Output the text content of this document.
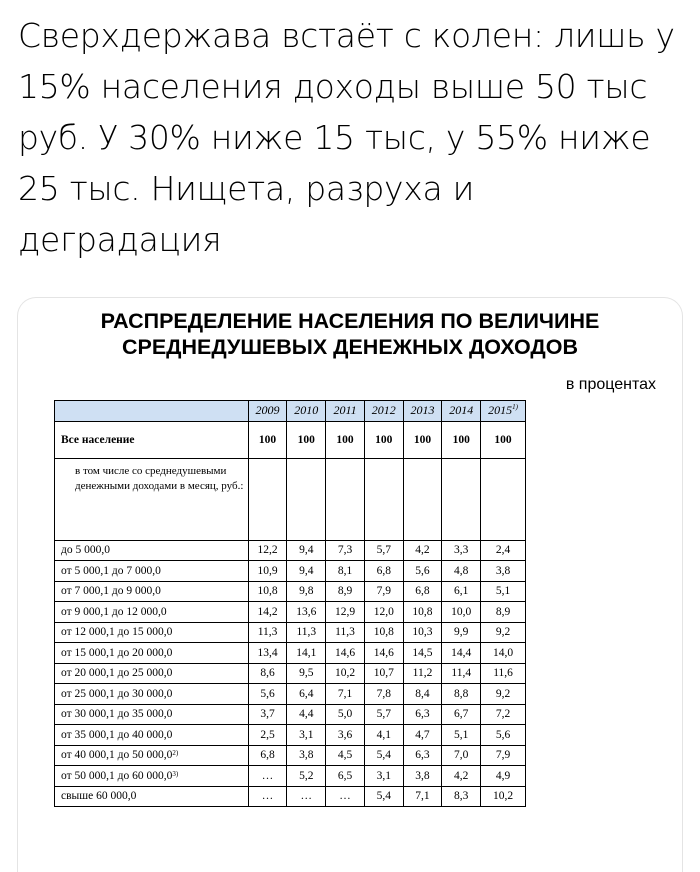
Сверхдержава встаёт с колен: лишь у 15% населения доходы выше 50 тыс руб. У 30% ниже 15 тыс, у 55% ниже 25 тыс. Нищета, разруха и деградация

РАСПРЕДЕЛЕНИЕ НАСЕЛЕНИЯ ПО ВЕЛИЧИНЕ
СРЕДНЕДУШЕВЫХ ДЕНЕЖНЫХ ДОХОДОВ
в процентах
	2009	2010	2011	2012	2013	2014	2015$^{1)}$
Все население	100	100	100	100	100	100	100
в том числе со среднедушевыми денежными доходами в месяц, руб.:							
до 5 000,0	12,2	9,4	7,3	5,7	4,2	3,3	2,4
от 5 000,1 до 7 000,0	10,9	9,4	8,1	6,8	5,6	4,8	3,8
от 7 000,1 до 9 000,0	10,8	9,8	8,9	7,9	6,8	6,1	5,1
от 9 000,1 до 12 000,0	14,2	13,6	12,9	12,0	10,8	10,0	8,9
от 12 000,1 до 15 000,0	11,3	11,3	11,3	10,8	10,3	9,9	9,2
от 15 000,1 до 20 000,0	13,4	14,1	14,6	14,6	14,5	14,4	14,0
от 20 000,1 до 25 000,0	8,6	9,5	10,2	10,7	11,2	11,4	11,6
от 25 000,1 до 30 000,0	5,6	6,4	7,1	7,8	8,4	8,8	9,2
от 30 000,1 до 35 000,0	3,7	4,4	5,0	5,7	6,3	6,7	7,2
от 35 000,1 до 40 000,0	2,5	3,1	3,6	4,1	4,7	5,1	5,6
от 40 000,1 до 50 000,0$^{2)}$	6,8	3,8	4,5	5,4	6,3	7,0	7,9
от 50 000,1 до 60 000,0$^{3)}$	…	5,2	6,5	3,1	3,8	4,2	4,9
свыше 60 000,0	…	…	…	5,4	7,1	8,3	10,2
